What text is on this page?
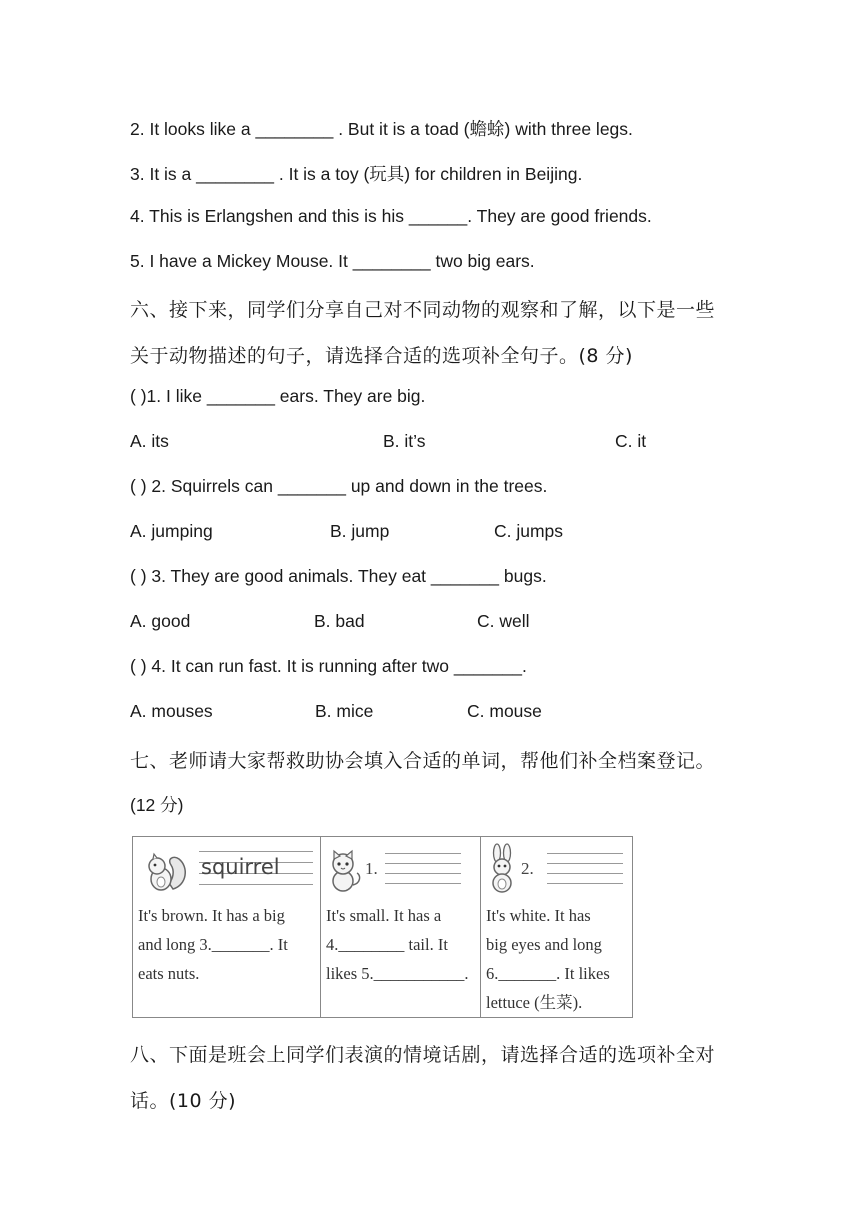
2. It looks like a ________ . But it is a toad (蟾蜍) with three legs.
3. It is a ________ . It is a toy (玩具) for children in Beijing.
4. This is Erlangshen and this is his ______. They are good friends.
5. I have a Mickey Mouse. It ________ two big ears.
六、接下来，同学们分享自己对不同动物的观察和了解，以下是一些
关于动物描述的句子，请选择合适的选项补全句子。(8 分)
( )1. I like _______ ears. They are big.
A. its	B. it’s	C. it
( ) 2. Squirrels can _______ up and down in the trees.
A. jumping	B. jump	C. jumps
( ) 3. They are good animals. They eat _______ bugs.
A. good	B. bad	C. well
( ) 4. It can run fast. It is running after two _______.
A. mouses	B. mice	C. mouse
七、老师请大家帮救助协会填入合适的单词，帮他们补全档案登记。
(12 分)
squirrel
It's brown. It has a big
and long 3._______. It
eats nuts.

1.
It's small. It has a
4.________ tail. It
likes 5.___________.

2.
It's white. It has
big eyes and long
6._______. It likes
lettuce (生菜).
八、下面是班会上同学们表演的情境话剧，请选择合适的选项补全对
话。(10 分)
